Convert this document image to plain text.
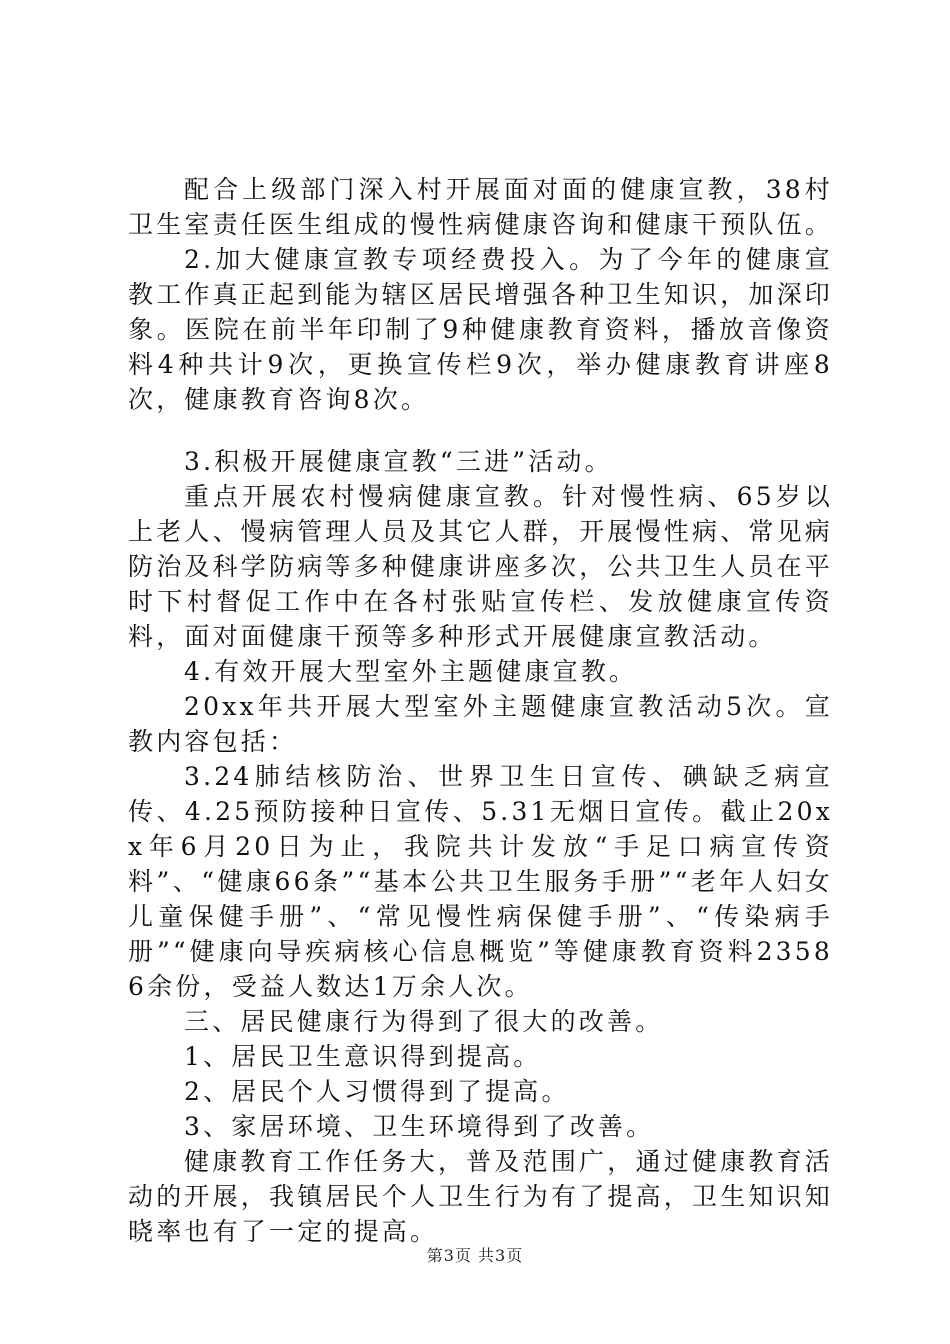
配合上级部门深入村开展面对面的健康宣教，38村卫生室责任医生组成的慢性病健康咨询和健康干预队伍。

2.加大健康宣教专项经费投入。为了今年的健康宣教工作真正起到能为辖区居民增强各种卫生知识，加深印象。医院在前半年印制了9种健康教育资料，播放音像资料4种共计9次，更换宣传栏9次，举办健康教育讲座8次，健康教育咨询8次。

3.积极开展健康宣教“三进”活动。

重点开展农村慢病健康宣教。针对慢性病、65岁以上老人、慢病管理人员及其它人群，开展慢性病、常见病防治及科学防病等多种健康讲座多次，公共卫生人员在平时下村督促工作中在各村张贴宣传栏、发放健康宣传资料，面对面健康干预等多种形式开展健康宣教活动。

4.有效开展大型室外主题健康宣教。

20xx年共开展大型室外主题健康宣教活动5次。宣教内容包括：

3.24肺结核防治、世界卫生日宣传、碘缺乏病宣传、4.25预防接种日宣传、5.31无烟日宣传。截止20xx年6月20日为止，我院共计发放“手足口病宣传资料”、“健康66条”“基本公共卫生服务手册”“老年人妇女儿童保健手册”、“常见慢性病保健手册”、“传染病手册”“健康向导疾病核心信息概览”等健康教育资料23586余份，受益人数达1万余人次。

三、居民健康行为得到了很大的改善。

1、居民卫生意识得到提高。

2、居民个人习惯得到了提高。

3、家居环境、卫生环境得到了改善。

健康教育工作任务大，普及范围广，通过健康教育活动的开展，我镇居民个人卫生行为有了提高，卫生知识知晓率也有了一定的提高。

第3页 共3页
